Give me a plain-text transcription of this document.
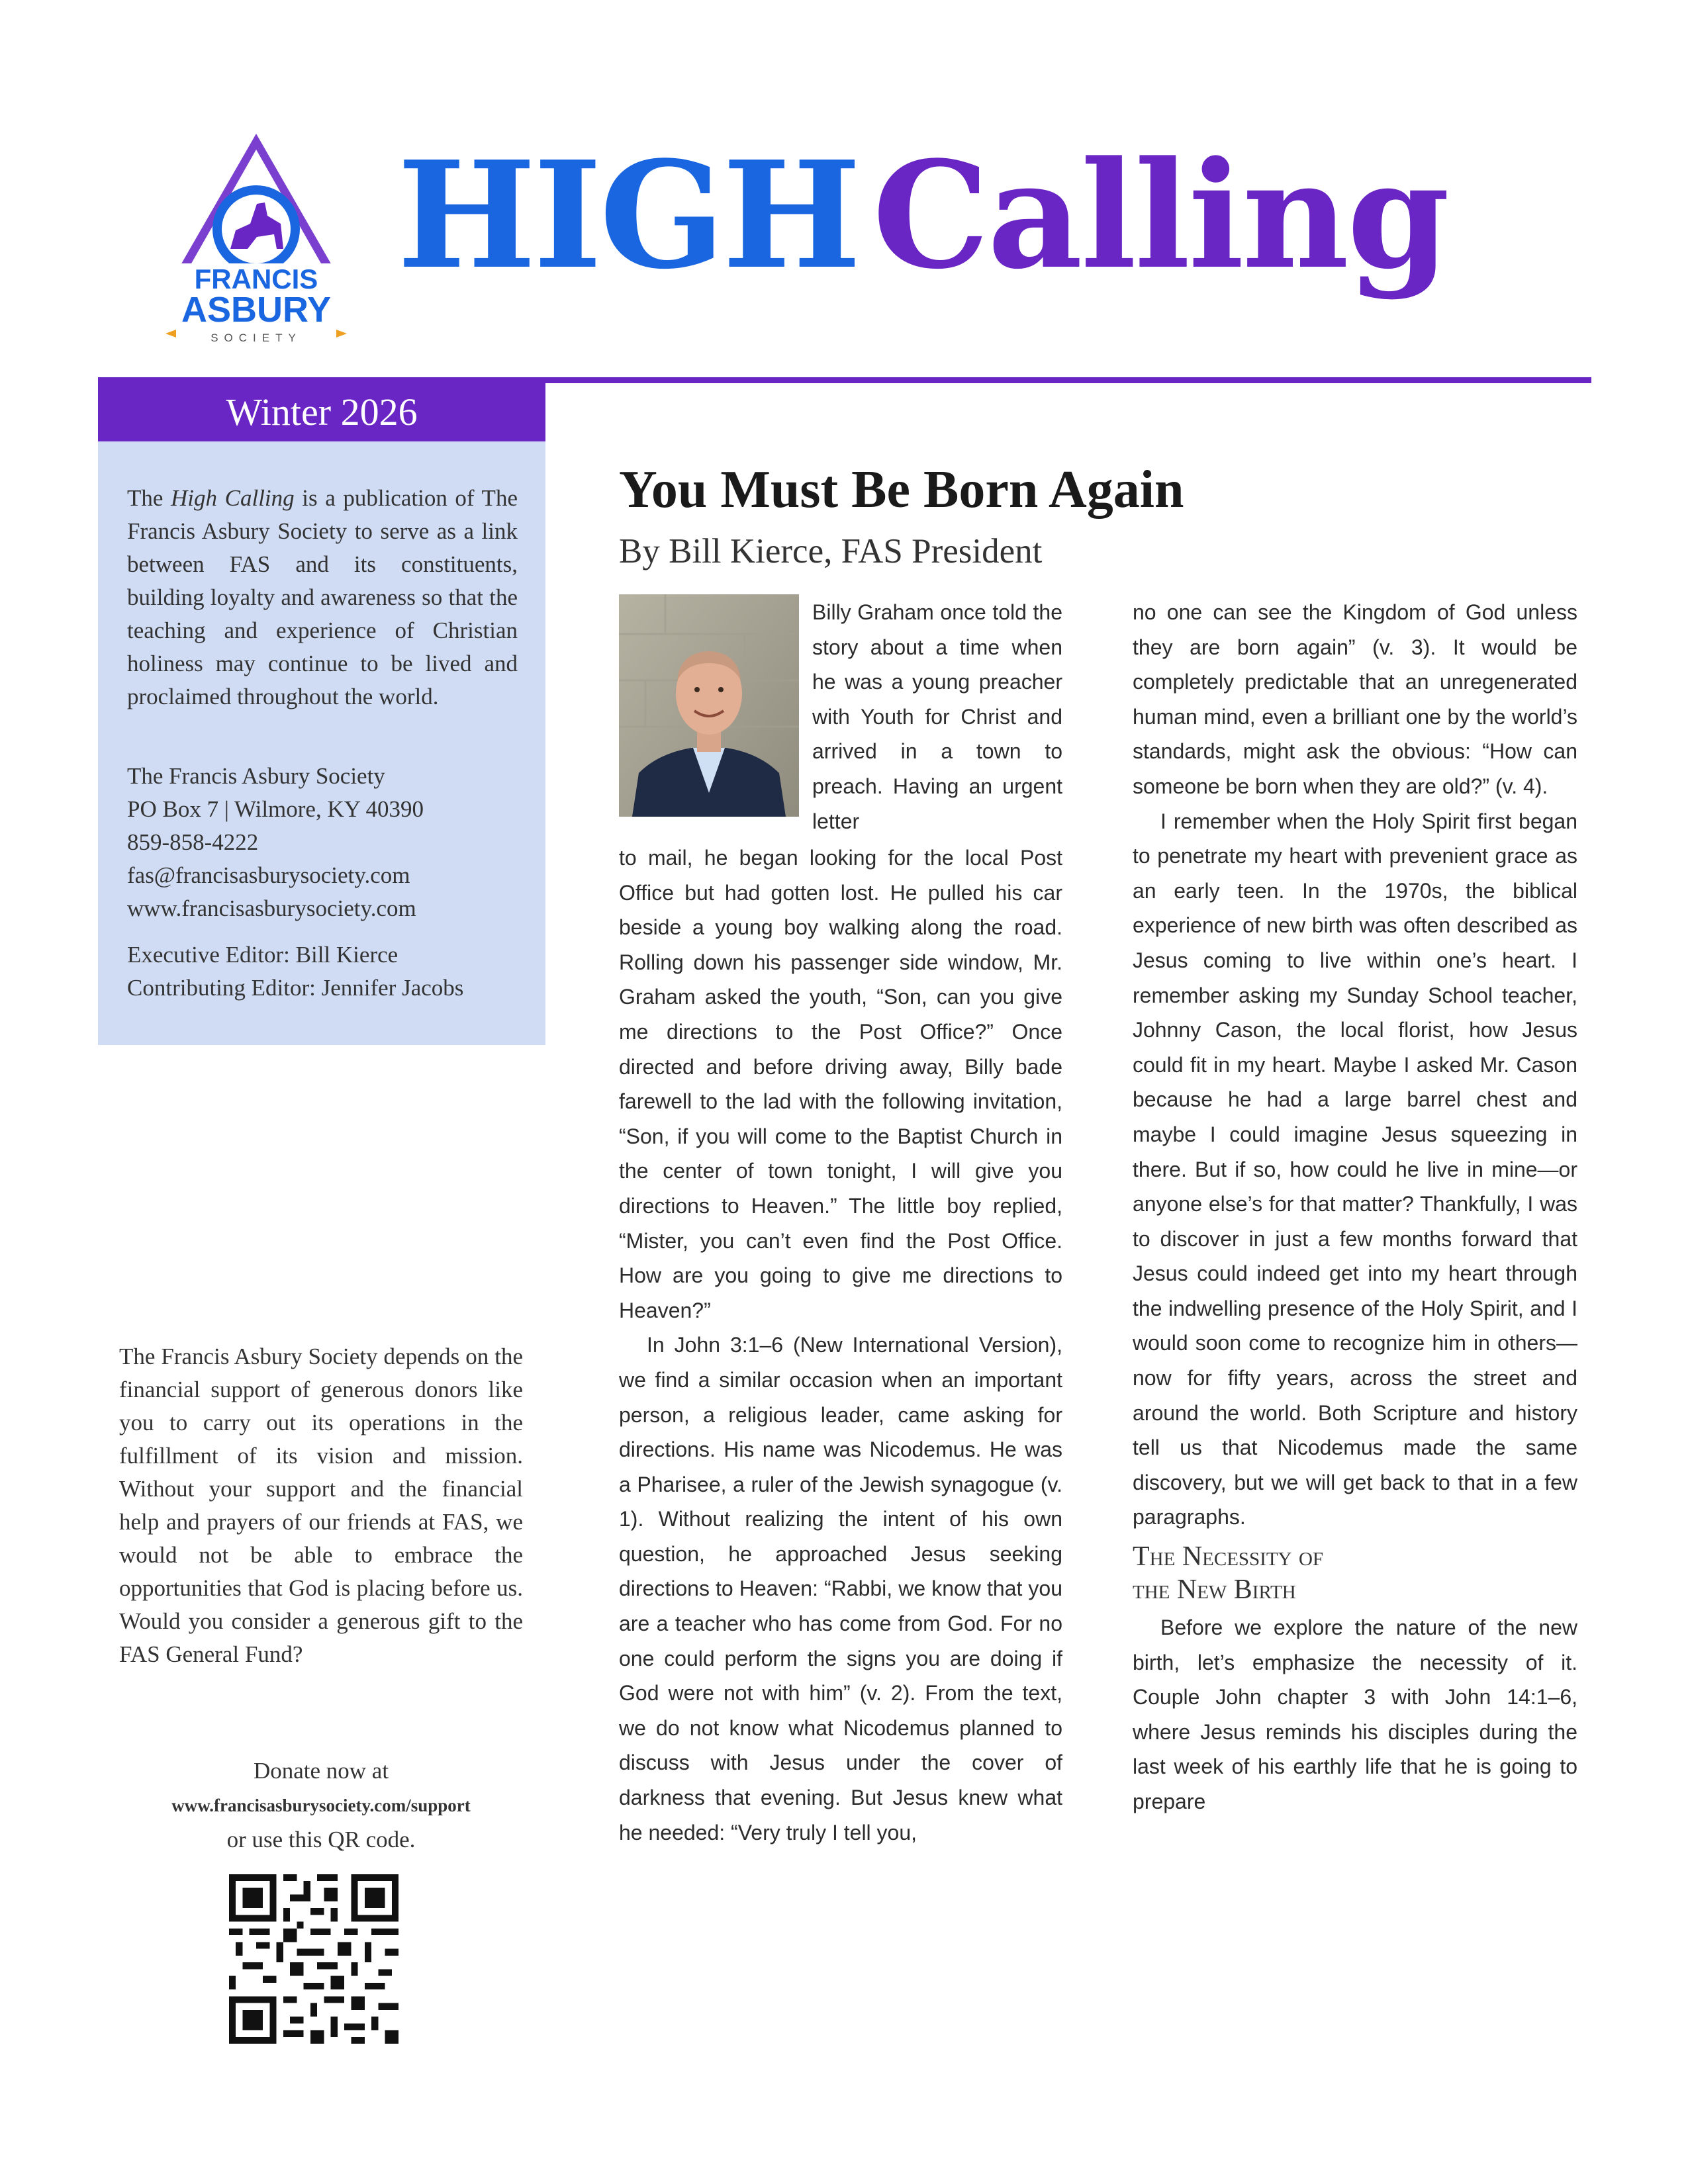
FRANCIS
ASBURY
SOCIETY
HIGH Calling
Winter 2026
The High Calling is a publication of The Francis Asbury Society to serve as a link between FAS and its constituents, building loyalty and awareness so that the teaching and experience of Christian holiness may continue to be lived and proclaimed throughout the world.
The Francis Asbury Society
PO Box 7 | Wilmore, KY 40390
859-858-4222
fas@francisasburysociety.com
www.francisasburysociety.com
Executive Editor: Bill Kierce
Contributing Editor: Jennifer Jacobs
The Francis Asbury Society depends on the financial support of generous donors like you to carry out its operations in the fulfillment of its vision and mission. Without your support and the financial help and prayers of our friends at FAS, we would not be able to embrace the opportunities that God is placing before us. Would you consider a generous gift to the FAS General Fund?
Donate now at
www.francisasburysociety.com/support
or use this QR code.
You Must Be Born Again
By Bill Kierce, FAS President

Billy Graham once told the story about a time when he was a young preacher with Youth for Christ and arrived in a town to preach. Having an urgent letter

to mail, he began looking for the local Post Office but had gotten lost. He pulled his car beside a young boy walking along the road. Rolling down his passenger side window, Mr. Graham asked the youth, “Son, can you give me directions to the Post Office?” Once directed and before driving away, Billy bade farewell to the lad with the following invitation, “Son, if you will come to the Baptist Church in the center of town tonight, I will give you directions to Heaven.” The little boy replied, “Mister, you can’t even find the Post Office. How are you going to give me directions to Heaven?”

In John 3:1–6 (New International Version), we find a similar occasion when an important person, a religious leader, came asking for directions. His name was Nicodemus. He was a Pharisee, a ruler of the Jewish synagogue (v. 1). Without realizing the intent of his own question, he approached Jesus seeking directions to Heaven: “Rabbi, we know that you are a teacher who has come from God. For no one could perform the signs you are doing if God were not with him” (v. 2). From the text, we do not know what Nicodemus planned to discuss with Jesus under the cover of darkness that evening. But Jesus knew what he needed: “Very truly I tell you,

no one can see the Kingdom of God unless they are born again” (v. 3). It would be completely predictable that an unregenerated human mind, even a brilliant one by the world’s standards, might ask the obvious: “How can someone be born when they are old?” (v. 4).

I remember when the Holy Spirit first began to penetrate my heart with prevenient grace as an early teen. In the 1970s, the biblical experience of new birth was often described as Jesus coming to live within one’s heart. I remember asking my Sunday School teacher, Johnny Cason, the local florist, how Jesus could fit in my heart. Maybe I asked Mr. Cason because he had a large barrel chest and maybe I could imagine Jesus squeezing in there. But if so, how could he live in mine—or anyone else’s for that matter? Thankfully, I was to discover in just a few months forward that Jesus could indeed get into my heart through the indwelling presence of the Holy Spirit, and I would soon come to recognize him in others—now for fifty years, across the street and around the world. Both Scripture and history tell us that Nicodemus made the same discovery, but we will get back to that in a few paragraphs.

The Necessity of
the New Birth

Before we explore the nature of the new birth, let’s emphasize the necessity of it. Couple John chapter 3 with John 14:1–6, where Jesus reminds his disciples during the last week of his earthly life that he is going to prepare
